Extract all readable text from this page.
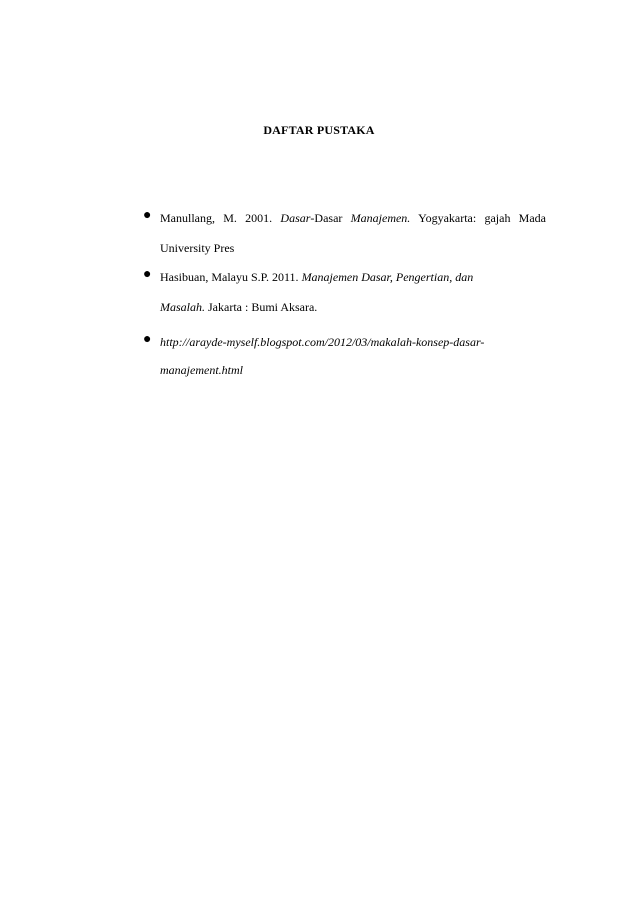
DAFTAR PUSTAKA
● Manullang, M. 2001. Dasar-Dasar Manajemen. Yogyakarta: gajah Mada
University Pres
● Hasibuan, Malayu S.P. 2011. Manajemen Dasar, Pengertian, dan
Masalah. Jakarta : Bumi Aksara.
● http://arayde-myself.blogspot.com/2012/03/makalah-konsep-dasar-
manajement.html
